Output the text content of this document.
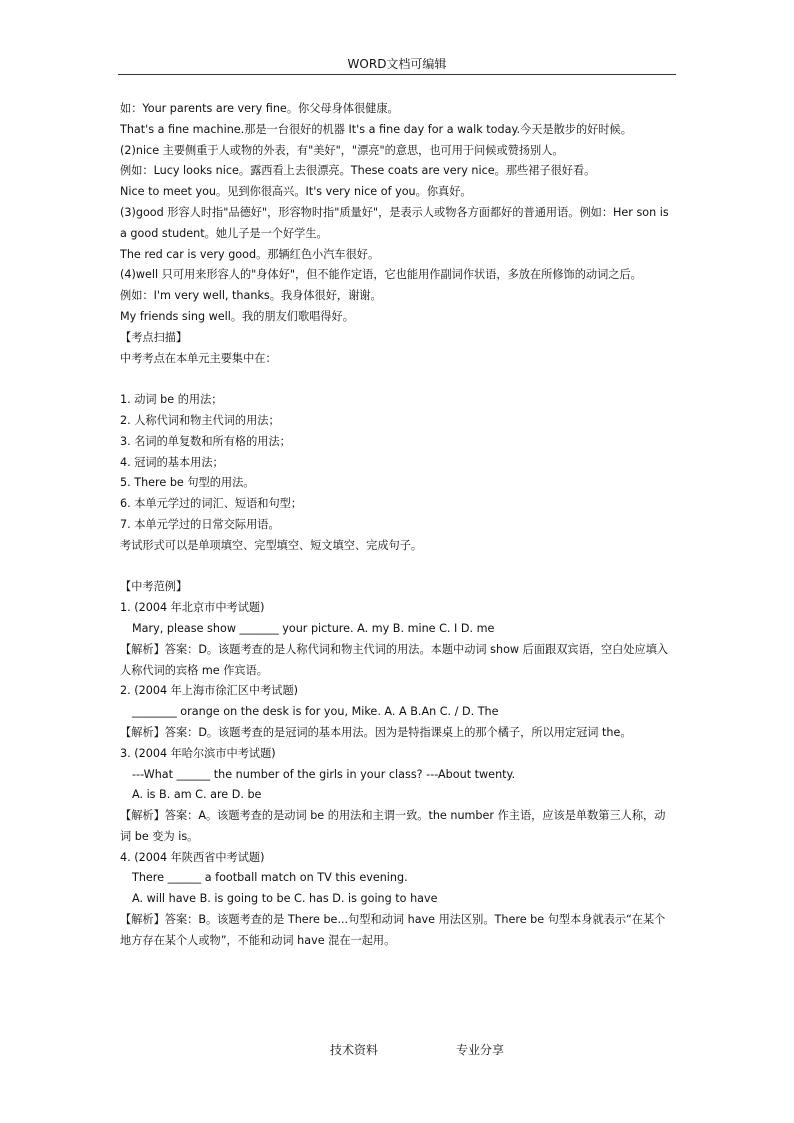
WORD文档可编辑
如：Your parents are very fine。你父母身体很健康。
That's a fine machine.那是一台很好的机器 It's a fine day for a walk today.今天是散步的好时候。
(2)nice 主要侧重于人或物的外表，有"美好"，"漂亮"的意思，也可用于问候或赞扬别人。
例如：Lucy looks nice。露西看上去很漂亮。These coats are very nice。那些裙子很好看。
Nice to meet you。见到你很高兴。It's very nice of you。你真好。
(3)good 形容人时指"品德好"，形容物时指"质量好"，是表示人或物各方面都好的普通用语。例如：Her son is a good student。她儿子是一个好学生。
The red car is very good。那辆红色小汽车很好。
(4)well 只可用来形容人的"身体好"，但不能作定语，它也能用作副词作状语，多放在所修饰的动词之后。
例如：I'm very well, thanks。我身体很好，谢谢。
My friends sing well。我的朋友们歌唱得好。
【考点扫描】
中考考点在本单元主要集中在：
1. 动词 be 的用法；
2. 人称代词和物主代词的用法；
3. 名词的单复数和所有格的用法；
4. 冠词的基本用法；
5. There be 句型的用法。
6. 本单元学过的词汇、短语和句型；
7. 本单元学过的日常交际用语。
考试形式可以是单项填空、完型填空、短文填空、完成句子。
【中考范例】
1. (2004 年北京市中考试题)
Mary, please show _______ your picture. A. my B. mine C. I D. me
【解析】答案：D。该题考查的是人称代词和物主代词的用法。本题中动词 show 后面跟双宾语，空白处应填入人称代词的宾格 me 作宾语。
2. (2004 年上海市徐汇区中考试题)
________ orange on the desk is for you, Mike. A. A B.An C. / D. The
【解析】答案：D。该题考查的是冠词的基本用法。因为是特指课桌上的那个橘子，所以用定冠词 the。
3. (2004 年哈尔滨市中考试题)
---What ______ the number of the girls in your class? ---About twenty.
A. is B. am C. are D. be
【解析】答案：A。该题考查的是动词 be 的用法和主谓一致。the number 作主语，应该是单数第三人称，动词 be 变为 is。
4. (2004 年陕西省中考试题)
There ______ a football match on TV this evening.
A. will have B. is going to be C. has D. is going to have
【解析】答案：B。该题考查的是 There be...句型和动词 have 用法区别。There be 句型本身就表示“在某个地方存在某个人或物”，不能和动词 have 混在一起用。
技术资料	专业分享
